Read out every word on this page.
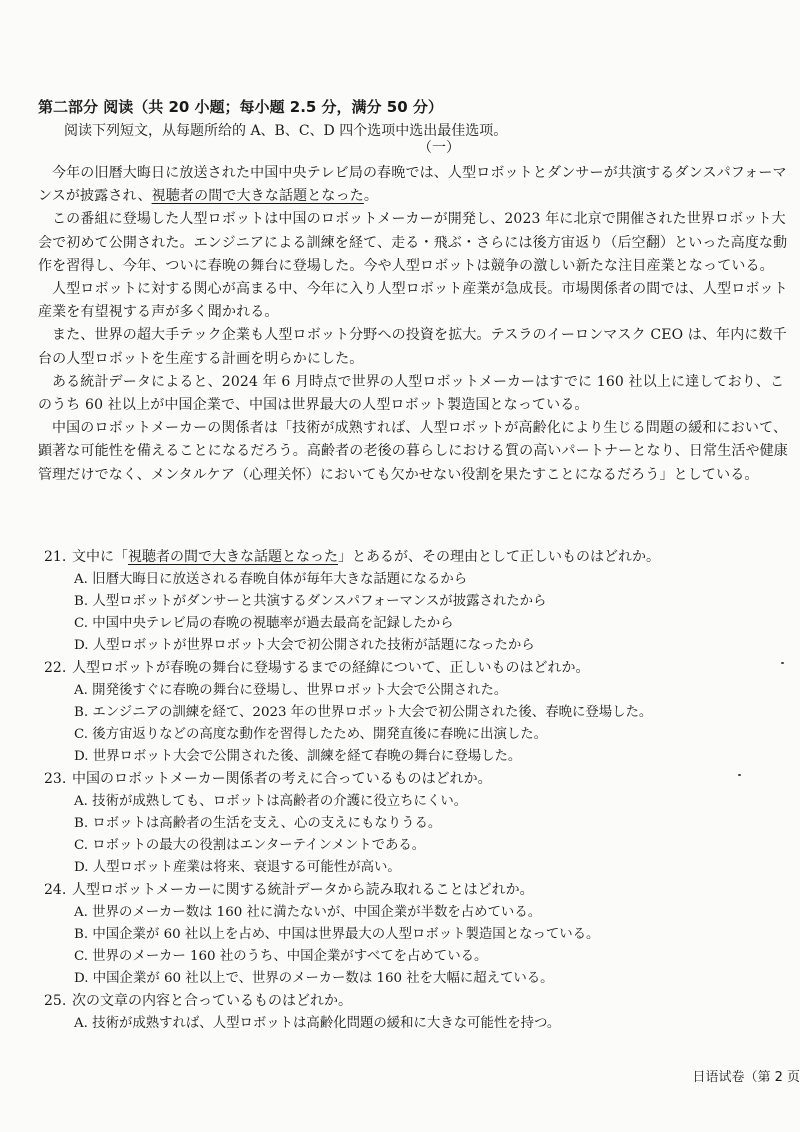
第二部分 阅读（共 20 小题；每小题 2.5 分，满分 50 分）
阅读下列短文，从每题所给的 A、B、C、D 四个选项中选出最佳选项。
（一）

今年の旧暦大晦日に放送された中国中央テレビ局の春晩では、人型ロボットとダンサーが共演するダンスパフォーマンスが披露され、視聴者の間で大きな話題となった。

この番組に登場した人型ロボットは中国のロボットメーカーが開発し、2023 年に北京で開催された世界ロボット大会で初めて公開された。エンジニアによる訓練を経て、走る・飛ぶ・さらには後方宙返り（后空翻）といった高度な動作を習得し、今年、ついに春晩の舞台に登場した。今や人型ロボットは競争の激しい新たな注目産業となっている。

人型ロボットに対する関心が高まる中、今年に入り人型ロボット産業が急成長。市場関係者の間では、人型ロボット産業を有望視する声が多く聞かれる。

また、世界の超大手テック企業も人型ロボット分野への投資を拡大。テスラのイーロンマスク CEO は、年内に数千台の人型ロボットを生産する計画を明らかにした。

ある統計データによると、2024 年 6 月時点で世界の人型ロボットメーカーはすでに 160 社以上に達しており、このうち 60 社以上が中国企業で、中国は世界最大の人型ロボット製造国となっている。

中国のロボットメーカーの関係者は「技術が成熟すれば、人型ロボットが高齢化により生じる問題の緩和において、顕著な可能性を備えることになるだろう。高齢者の老後の暮らしにおける質の高いパートナーとなり、日常生活や健康管理だけでなく、メンタルケア（心理关怀）においても欠かせない役割を果たすことになるだろう」としている。

21. 文中に「視聴者の間で大きな話題となった」とあるが、その理由として正しいものはどれか。
A. 旧暦大晦日に放送される春晩自体が毎年大きな話題になるから
B. 人型ロボットがダンサーと共演するダンスパフォーマンスが披露されたから
C. 中国中央テレビ局の春晩の視聴率が過去最高を記録したから
D. 人型ロボットが世界ロボット大会で初公開された技術が話題になったから
22. 人型ロボットが春晩の舞台に登場するまでの経緯について、正しいものはどれか。
A. 開発後すぐに春晩の舞台に登場し、世界ロボット大会で公開された。
B. エンジニアの訓練を経て、2023 年の世界ロボット大会で初公開された後、春晩に登場した。
C. 後方宙返りなどの高度な動作を習得したため、開発直後に春晩に出演した。
D. 世界ロボット大会で公開された後、訓練を経て春晩の舞台に登場した。
23. 中国のロボットメーカー関係者の考えに合っているものはどれか。
A. 技術が成熟しても、ロボットは高齢者の介護に役立ちにくい。
B. ロボットは高齢者の生活を支え、心の支えにもなりうる。
C. ロボットの最大の役割はエンターテインメントである。
D. 人型ロボット産業は将来、衰退する可能性が高い。
24. 人型ロボットメーカーに関する統計データから読み取れることはどれか。
A. 世界のメーカー数は 160 社に満たないが、中国企業が半数を占めている。
B. 中国企業が 60 社以上を占め、中国は世界最大の人型ロボット製造国となっている。
C. 世界のメーカー 160 社のうち、中国企業がすべてを占めている。
D. 中国企業が 60 社以上で、世界のメーカー数は 160 社を大幅に超えている。
25. 次の文章の内容と合っているものはどれか。
A. 技術が成熟すれば、人型ロボットは高齢化問題の緩和に大きな可能性を持つ。
日语试卷（第 2 页
